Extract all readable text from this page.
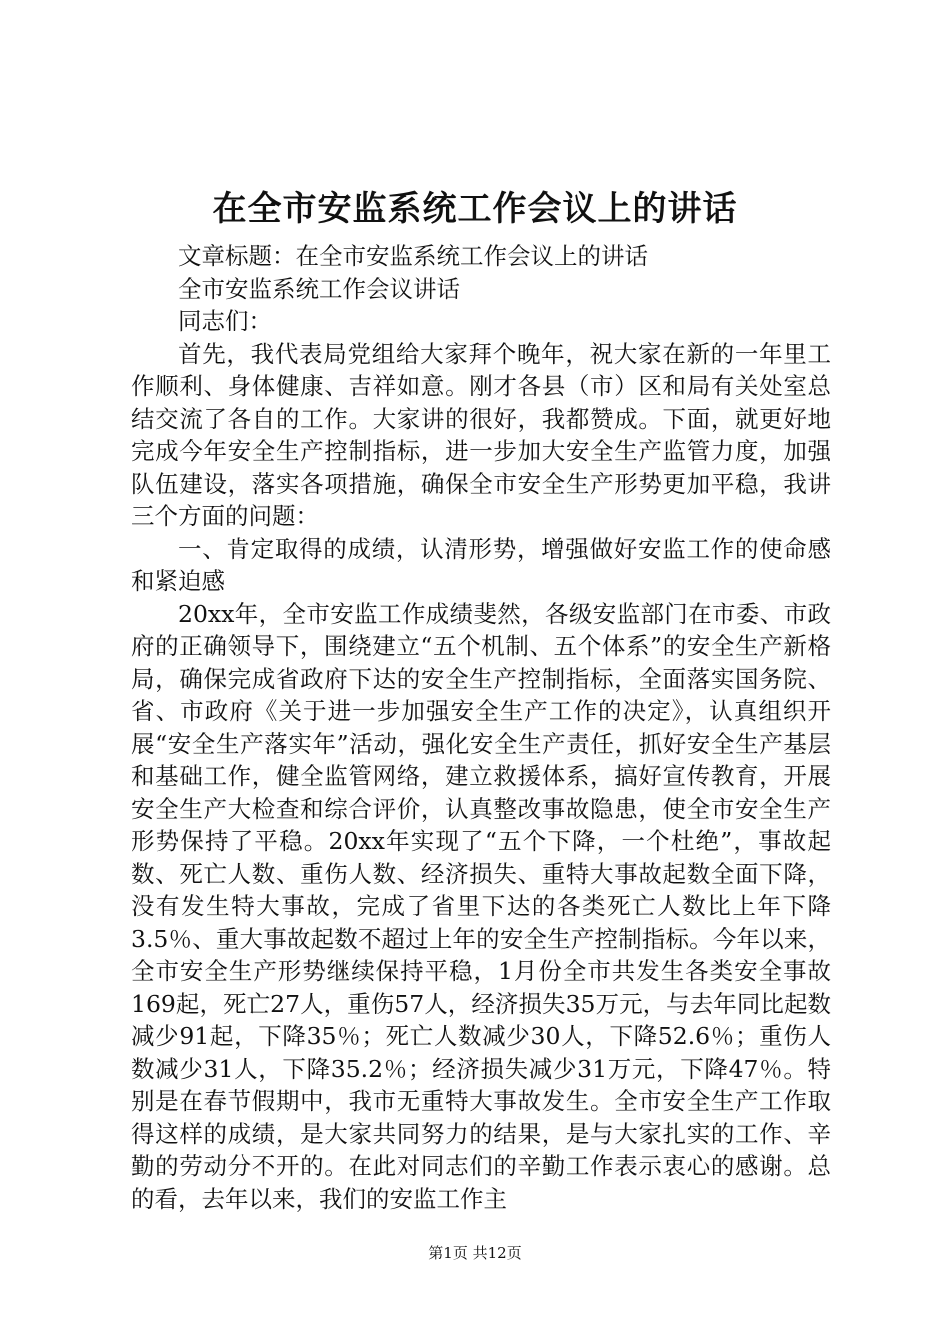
在全市安监系统工作会议上的讲话

文章标题：在全市安监系统工作会议上的讲话

全市安监系统工作会议讲话

同志们：

首先，我代表局党组给大家拜个晚年，祝大家在新的一年里工作顺利、身体健康、吉祥如意。刚才各县（市）区和局有关处室总结交流了各自的工作。大家讲的很好，我都赞成。下面，就更好地完成今年安全生产控制指标，进一步加大安全生产监管力度，加强队伍建设，落实各项措施，确保全市安全生产形势更加平稳，我讲三个方面的问题：

一、肯定取得的成绩，认清形势，增强做好安监工作的使命感和紧迫感

20xx年，全市安监工作成绩斐然，各级安监部门在市委、市政府的正确领导下，围绕建立“五个机制、五个体系”的安全生产新格局，确保完成省政府下达的安全生产控制指标，全面落实国务院、省、市政府《关于进一步加强安全生产工作的决定》，认真组织开展“安全生产落实年”活动，强化安全生产责任，抓好安全生产基层和基础工作，健全监管网络，建立救援体系，搞好宣传教育，开展安全生产大检查和综合评价，认真整改事故隐患，使全市安全生产形势保持了平稳。20xx年实现了“五个下降，一个杜绝”，事故起数、死亡人数、重伤人数、经济损失、重特大事故起数全面下降，没有发生特大事故，完成了省里下达的各类死亡人数比上年下降3.5％、重大事故起数不超过上年的安全生产控制指标。今年以来，全市安全生产形势继续保持平稳，1月份全市共发生各类安全事故169起，死亡27人，重伤57人，经济损失35万元，与去年同比起数减少91起，下降35％；死亡人数减少30人，下降52.6％；重伤人数减少31人，下降35.2％；经济损失减少31万元，下降47％。特别是在春节假期中，我市无重特大事故发生。全市安全生产工作取得这样的成绩，是大家共同努力的结果，是与大家扎实的工作、辛勤的劳动分不开的。在此对同志们的辛勤工作表示衷心的感谢。总的看，去年以来，我们的安监工作主

第1页 共12页
